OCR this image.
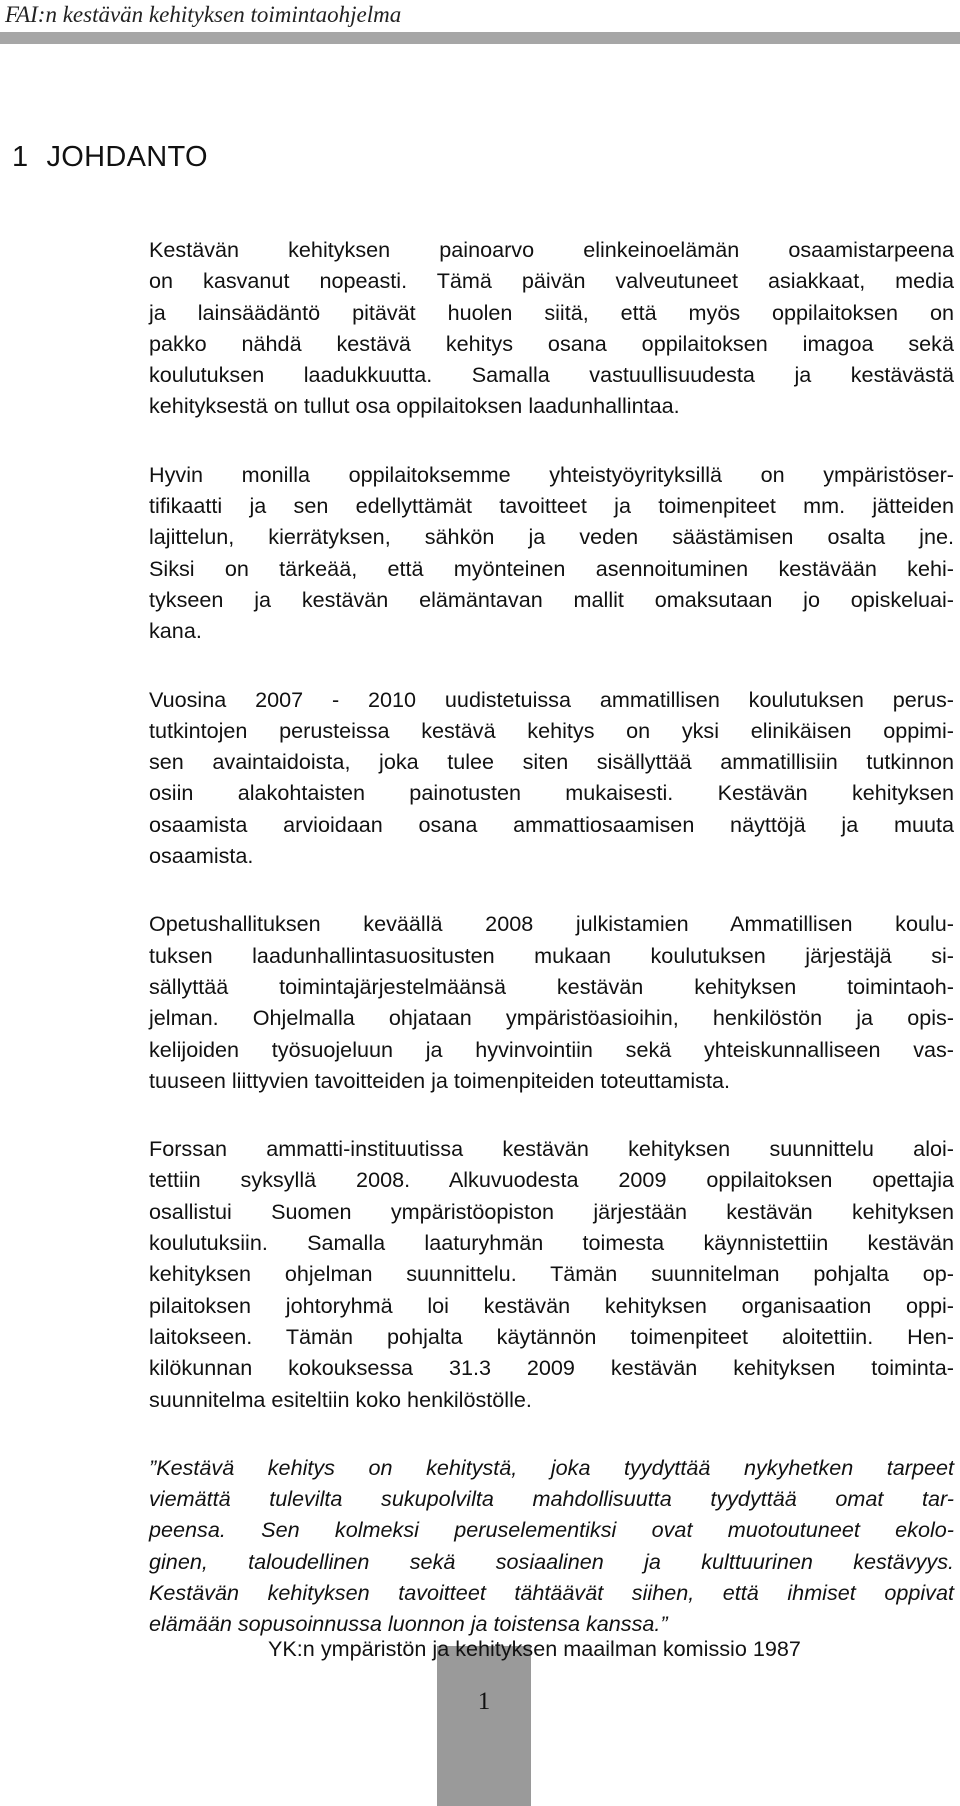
FAI:n kestävän kehityksen toimintaohjelma
1 JOHDANTO

Kestävän kehityksen painoarvo elinkeinoelämän osaamistarpeena
on kasvanut nopeasti. Tämä päivän valveutuneet asiakkaat, media
ja lainsäädäntö pitävät huolen siitä, että myös oppilaitoksen on
pakko nähdä kestävä kehitys osana oppilaitoksen imagoa sekä
koulutuksen laadukkuutta. Samalla vastuullisuudesta ja kestävästä
kehityksestä on tullut osa oppilaitoksen laadunhallintaa.

Hyvin monilla oppilaitoksemme yhteistyöyrityksillä on ympäristöser-
tifikaatti ja sen edellyttämät tavoitteet ja toimenpiteet mm. jätteiden
lajittelun, kierrätyksen, sähkön ja veden säästämisen osalta jne.
Siksi on tärkeää, että myönteinen asennoituminen kestävään kehi-
tykseen ja kestävän elämäntavan mallit omaksutaan jo opiskeluai-
kana.

Vuosina 2007 - 2010 uudistetuissa ammatillisen koulutuksen perus-
tutkintojen perusteissa kestävä kehitys on yksi elinikäisen oppimi-
sen avaintaidoista, joka tulee siten sisällyttää ammatillisiin tutkinnon
osiin alakohtaisten painotusten mukaisesti. Kestävän kehityksen
osaamista arvioidaan osana ammattiosaamisen näyttöjä ja muuta
osaamista.

Opetushallituksen keväällä 2008 julkistamien Ammatillisen koulu-
tuksen laadunhallintasuositusten mukaan koulutuksen järjestäjä si-
sällyttää toimintajärjestelmäänsä kestävän kehityksen toimintaoh-
jelman. Ohjelmalla ohjataan ympäristöasioihin, henkilöstön ja opis-
kelijoiden työsuojeluun ja hyvinvointiin sekä yhteiskunnalliseen vas-
tuuseen liittyvien tavoitteiden ja toimenpiteiden toteuttamista.

Forssan ammatti-instituutissa kestävän kehityksen suunnittelu aloi-
tettiin syksyllä 2008. Alkuvuodesta 2009 oppilaitoksen opettajia
osallistui Suomen ympäristöopiston järjestään kestävän kehityksen
koulutuksiin. Samalla laaturyhmän toimesta käynnistettiin kestävän
kehityksen ohjelman suunnittelu. Tämän suunnitelman pohjalta op-
pilaitoksen johtoryhmä loi kestävän kehityksen organisaation oppi-
laitokseen. Tämän pohjalta käytännön toimenpiteet aloitettiin. Hen-
kilökunnan kokouksessa 31.3 2009 kestävän kehityksen toiminta-
suunnitelma esiteltiin koko henkilöstölle.

”Kestävä kehitys on kehitystä, joka tyydyttää nykyhetken tarpeet
viemättä tulevilta sukupolvilta mahdollisuutta tyydyttää omat tar-
peensa. Sen kolmeksi peruselementiksi ovat muotoutuneet ekolo-
ginen, taloudellinen sekä sosiaalinen ja kulttuurinen kestävyys.
Kestävän kehityksen tavoitteet tähtäävät siihen, että ihmiset oppivat
elämään sopusoinnussa luonnon ja toistensa kanssa.”

1
YK:n ympäristön ja kehityksen maailman komissio 1987
